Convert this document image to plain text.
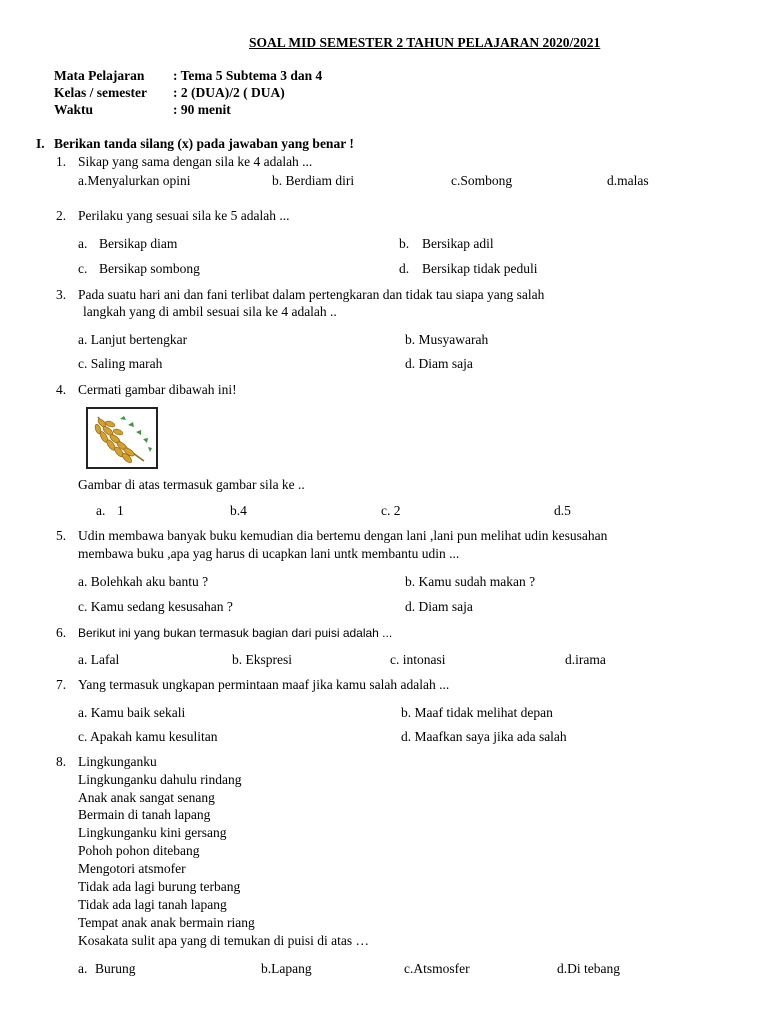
SOAL MID SEMESTER 2 TAHUN PELAJARAN 2020/2021
Mata Pelajaran : Tema 5 Subtema 3 dan 4
Kelas / semester : 2 (DUA)/2 ( DUA)
Waktu	: 90 menit
I. Berikan tanda silang (x) pada jawaban yang benar !
1. Sikap yang sama dengan sila ke 4 adalah ...
a.Menyalurkan opini	b. Berdiam diri	c.Sombong	d.malas
2. Perilaku yang sesuai sila ke 5 adalah ...
a. Bersikap diam	b. Bersikap adil
c. Bersikap sombong	d. Bersikap tidak peduli
3. Pada suatu hari ani dan fani terlibat dalam pertengkaran dan tidak tau siapa yang salah
langkah yang di ambil sesuai sila ke 4 adalah ..
a. Lanjut bertengkar	b. Musyawarah
c. Saling marah	d. Diam saja
4. Cermati gambar dibawah ini!
Gambar di atas termasuk gambar sila ke ..
a. 1	b.4	c. 2	d.5
5. Udin membawa banyak buku kemudian dia bertemu dengan lani ,lani pun melihat udin kesusahan
membawa buku ,apa yag harus di ucapkan lani untk membantu udin ...
a. Bolehkah aku bantu ?	b. Kamu sudah makan ?
c. Kamu sedang kesusahan ?	d. Diam saja
6. Berikut ini yang bukan termasuk bagian dari puisi adalah ...
a. Lafal	b. Ekspresi	c. intonasi	d.irama
7. Yang termasuk ungkapan permintaan maaf jika kamu salah adalah ...
a. Kamu baik sekali	b. Maaf tidak melihat depan
c. Apakah kamu kesulitan	d. Maafkan saya jika ada salah
8. Lingkunganku
Lingkunganku dahulu rindang
Anak anak sangat senang
Bermain di tanah lapang
Lingkunganku kini gersang
Pohoh pohon ditebang
Mengotori atsmofer
Tidak ada lagi burung terbang
Tidak ada lagi tanah lapang
Tempat anak anak bermain riang
Kosakata sulit apa yang di temukan di puisi di atas …
a. Burung	b.Lapang	c.Atsmosfer	d.Di tebang
